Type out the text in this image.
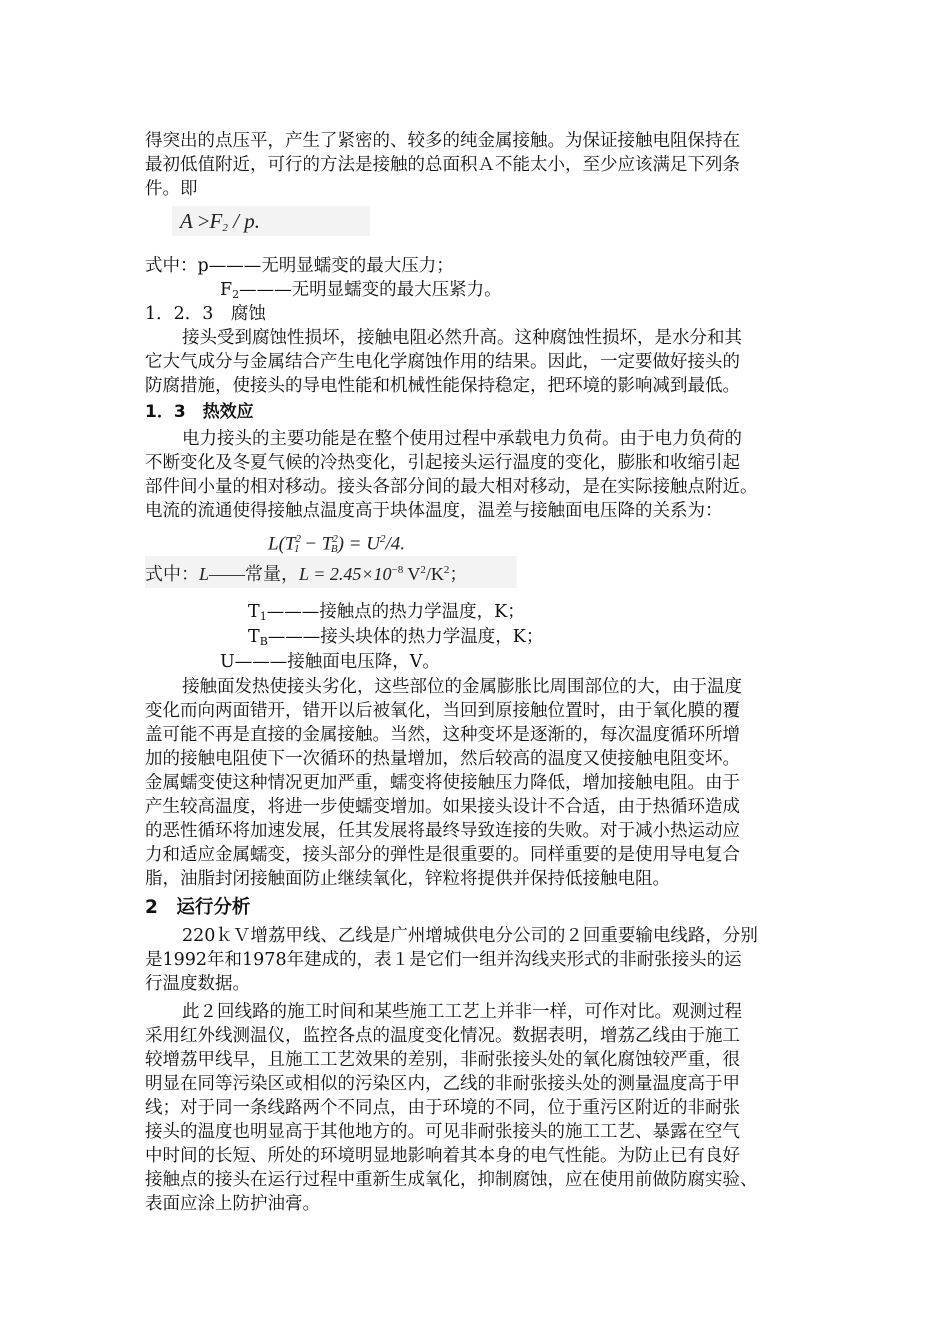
得突出的点压平，产生了紧密的、较多的纯金属接触。为保证接触电阻保持在
最初低值附近，可行的方法是接触的总面积Ａ不能太小，至少应该满足下列条
件。即
$A >F_2 / p$.
式中：p———无明显蠕变的最大压力；
$F_2———$无明显蠕变的最大压紧力。
1．2．3　腐蚀
接头受到腐蚀性损坏，接触电阻必然升高。这种腐蚀性损坏，是水分和其
它大气成分与金属结合产生电化学腐蚀作用的结果。因此，一定要做好接头的
防腐措施，使接头的导电性能和机械性能保持稳定，把环境的影响减到最低。
1．3　热效应
电力接头的主要功能是在整个使用过程中承载电力负荷。由于电力负荷的
不断变化及冬夏气候的冷热变化，引起接头运行温度的变化，膨胀和收缩引起
部件间小量的相对移动。接头各部分间的最大相对移动，是在实际接触点附近。
电流的流通使得接触点温度高于块体温度，温差与接触面电压降的关系为：
$L(T^2_1 - T^2_B) = U^2/4$.
式中：L——常量，$L = 2.45\times 10^{-8}$ $V^2/K^2$；
$T_1———$接触点的热力学温度，K；
$T_B———$接头块体的热力学温度，K；
U———接触面电压降，V。
接触面发热使接头劣化，这些部位的金属膨胀比周围部位的大，由于温度
变化而向两面错开，错开以后被氧化，当回到原接触位置时，由于氧化膜的覆
盖可能不再是直接的金属接触。当然，这种变坏是逐渐的，每次温度循环所增
加的接触电阻使下一次循环的热量增加，然后较高的温度又使接触电阻变坏。
金属蠕变使这种情况更加严重，蠕变将使接触压力降低，增加接触电阻。由于
产生较高温度，将进一步使蠕变增加。如果接头设计不合适，由于热循环造成
的恶性循环将加速发展，任其发展将最终导致连接的失败。对于减小热运动应
力和适应金属蠕变，接头部分的弹性是很重要的。同样重要的是使用导电复合
脂，油脂封闭接触面防止继续氧化，锌粒将提供并保持低接触电阻。
2　运行分析
220ｋＶ增荔甲线、乙线是广州增城供电分公司的２回重要输电线路，分别
是1992年和1978年建成的，表１是它们一组并沟线夹形式的非耐张接头的运
行温度数据。
此２回线路的施工时间和某些施工工艺上并非一样，可作对比。观测过程
采用红外线测温仪，监控各点的温度变化情况。数据表明，增荔乙线由于施工
较增荔甲线早，且施工工艺效果的差别，非耐张接头处的氧化腐蚀较严重，很
明显在同等污染区或相似的污染区内，乙线的非耐张接头处的测量温度高于甲
线；对于同一条线路两个不同点，由于环境的不同，位于重污区附近的非耐张
接头的温度也明显高于其他地方的。可见非耐张接头的施工工艺、暴露在空气
中时间的长短、所处的环境明显地影响着其本身的电气性能。为防止已有良好
接触点的接头在运行过程中重新生成氧化，抑制腐蚀，应在使用前做防腐实验、
表面应涂上防护油膏。
